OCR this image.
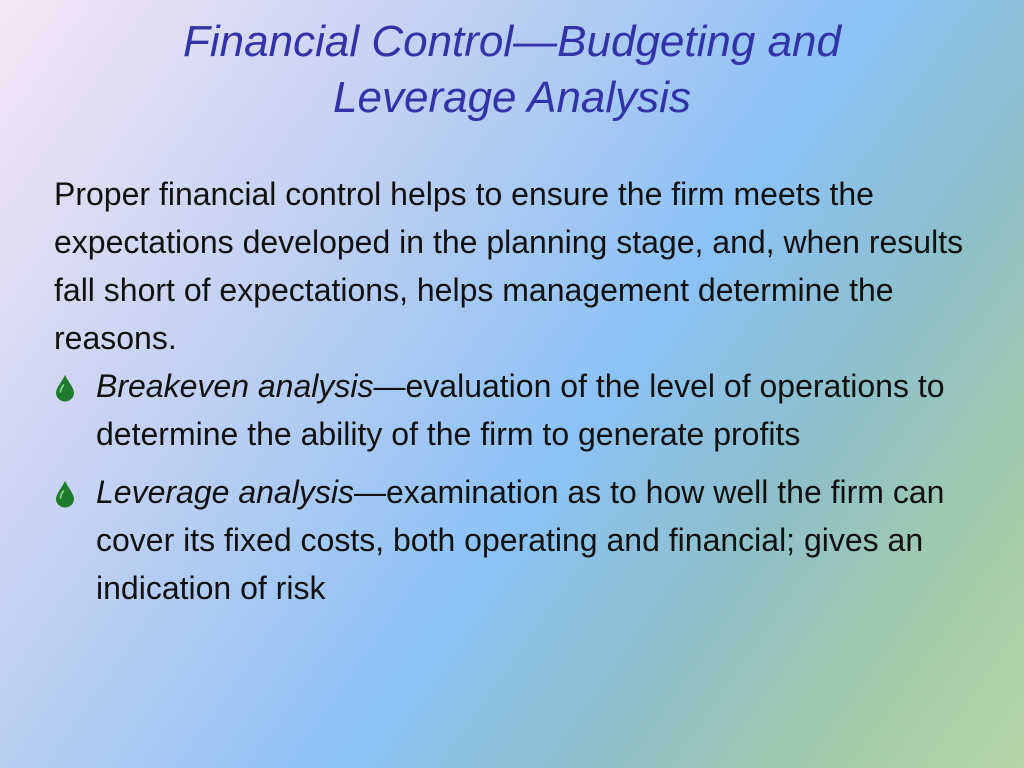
Financial Control—Budgeting and
Leverage Analysis

Proper financial control helps to ensure the firm meets the expectations developed in the planning stage, and, when results fall short of expectations, helps management determine the reasons.

Breakeven analysis—evaluation of the level of operations to determine the ability of the firm to generate profits
Leverage analysis—examination as to how well the firm can cover its fixed costs, both operating and financial; gives an indication of risk
